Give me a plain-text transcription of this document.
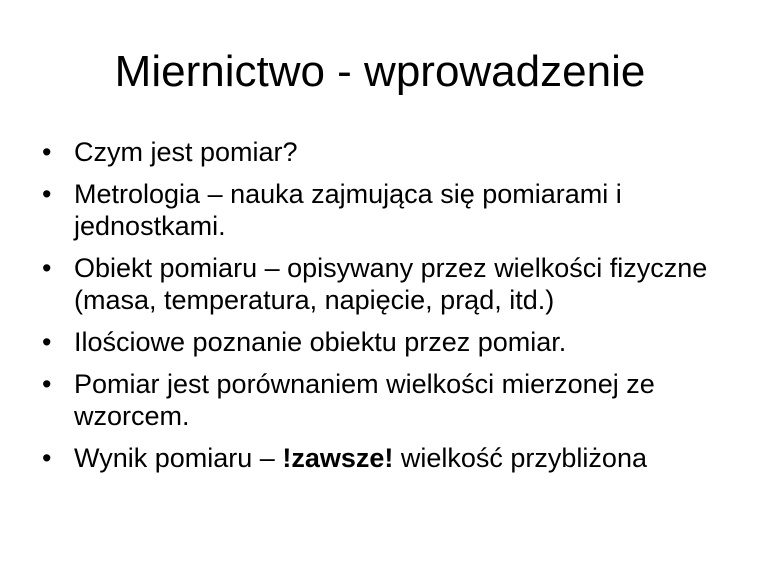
Miernictwo - wprowadzenie
• Czym jest pomiar?
• Metrologia – nauka zajmująca się pomiarami i jednostkami.
• Obiekt pomiaru – opisywany przez wielkości fizyczne (masa, temperatura, napięcie, prąd, itd.)
• Ilościowe poznanie obiektu przez pomiar.
• Pomiar jest porównaniem wielkości mierzonej ze wzorcem.
• Wynik pomiaru – !zawsze! wielkość przybliżona
